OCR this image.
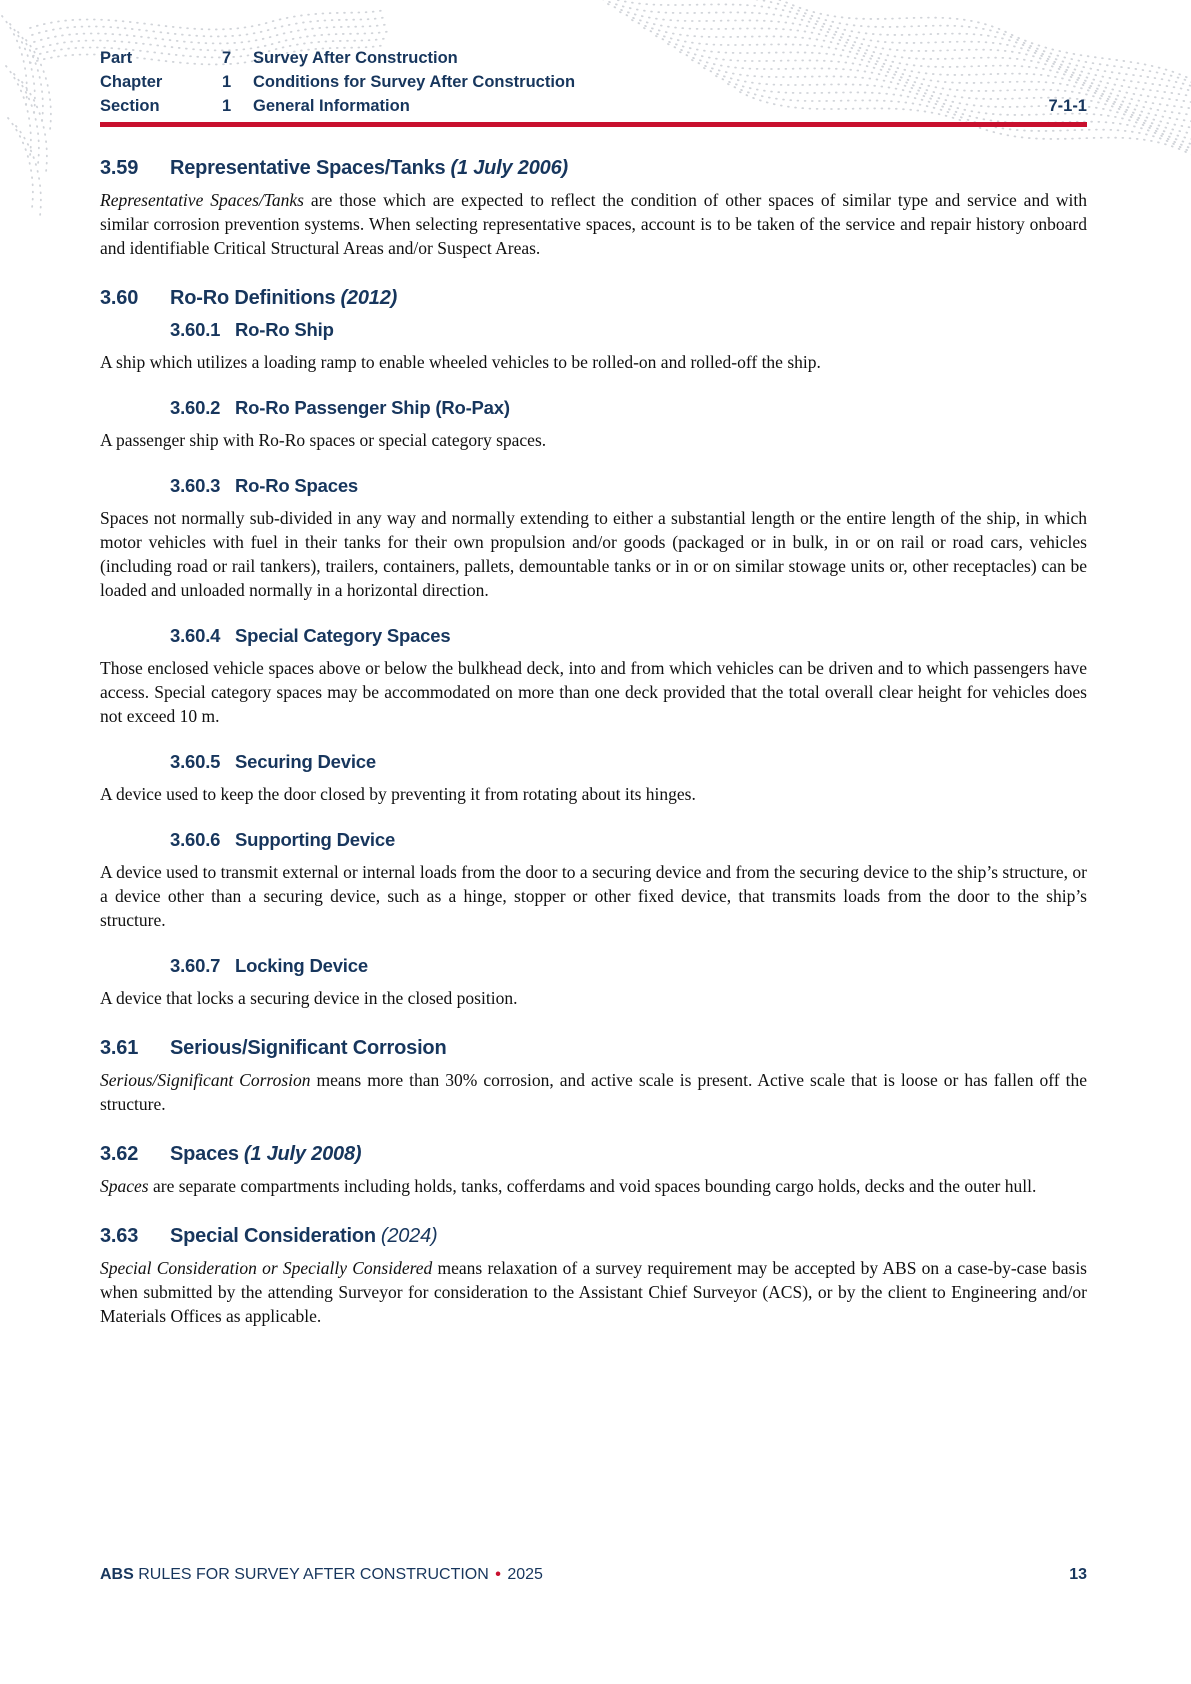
Part	7	Survey After Construction
Chapter	1	Conditions for Survey After Construction
Section	1	General Information	7-1-1
3.59	Representative Spaces/Tanks (1 July 2006)

Representative Spaces/Tanks are those which are expected to reflect the condition of other spaces of similar type and service and with similar corrosion prevention systems. When selecting representative spaces, account is to be taken of the service and repair history onboard and identifiable Critical Structural Areas and/or Suspect Areas.

3.60	Ro-Ro Definitions (2012)
3.60.1 Ro-Ro Ship

A ship which utilizes a loading ramp to enable wheeled vehicles to be rolled-on and rolled-off the ship.

3.60.2 Ro-Ro Passenger Ship (Ro-Pax)

A passenger ship with Ro-Ro spaces or special category spaces.

3.60.3 Ro-Ro Spaces

Spaces not normally sub-divided in any way and normally extending to either a substantial length or the entire length of the ship, in which motor vehicles with fuel in their tanks for their own propulsion and/or goods (packaged or in bulk, in or on rail or road cars, vehicles (including road or rail tankers), trailers, containers, pallets, demountable tanks or in or on similar stowage units or, other receptacles) can be loaded and unloaded normally in a horizontal direction.

3.60.4 Special Category Spaces

Those enclosed vehicle spaces above or below the bulkhead deck, into and from which vehicles can be driven and to which passengers have access. Special category spaces may be accommodated on more than one deck provided that the total overall clear height for vehicles does not exceed 10 m.

3.60.5 Securing Device

A device used to keep the door closed by preventing it from rotating about its hinges.

3.60.6 Supporting Device

A device used to transmit external or internal loads from the door to a securing device and from the securing device to the ship’s structure, or a device other than a securing device, such as a hinge, stopper or other fixed device, that transmits loads from the door to the ship’s structure.

3.60.7 Locking Device

A device that locks a securing device in the closed position.

3.61	Serious/Significant Corrosion

Serious/Significant Corrosion means more than 30% corrosion, and active scale is present. Active scale that is loose or has fallen off the structure.

3.62	Spaces (1 July 2008)

Spaces are separate compartments including holds, tanks, cofferdams and void spaces bounding cargo holds, decks and the outer hull.

3.63	Special Consideration (2024)

Special Consideration or Specially Considered means relaxation of a survey requirement may be accepted by ABS on a case-by-case basis when submitted by the attending Surveyor for consideration to the Assistant Chief Surveyor (ACS), or by the client to Engineering and/or Materials Offices as applicable.

ABS RULES FOR SURVEY AFTER CONSTRUCTION • 2025	13
